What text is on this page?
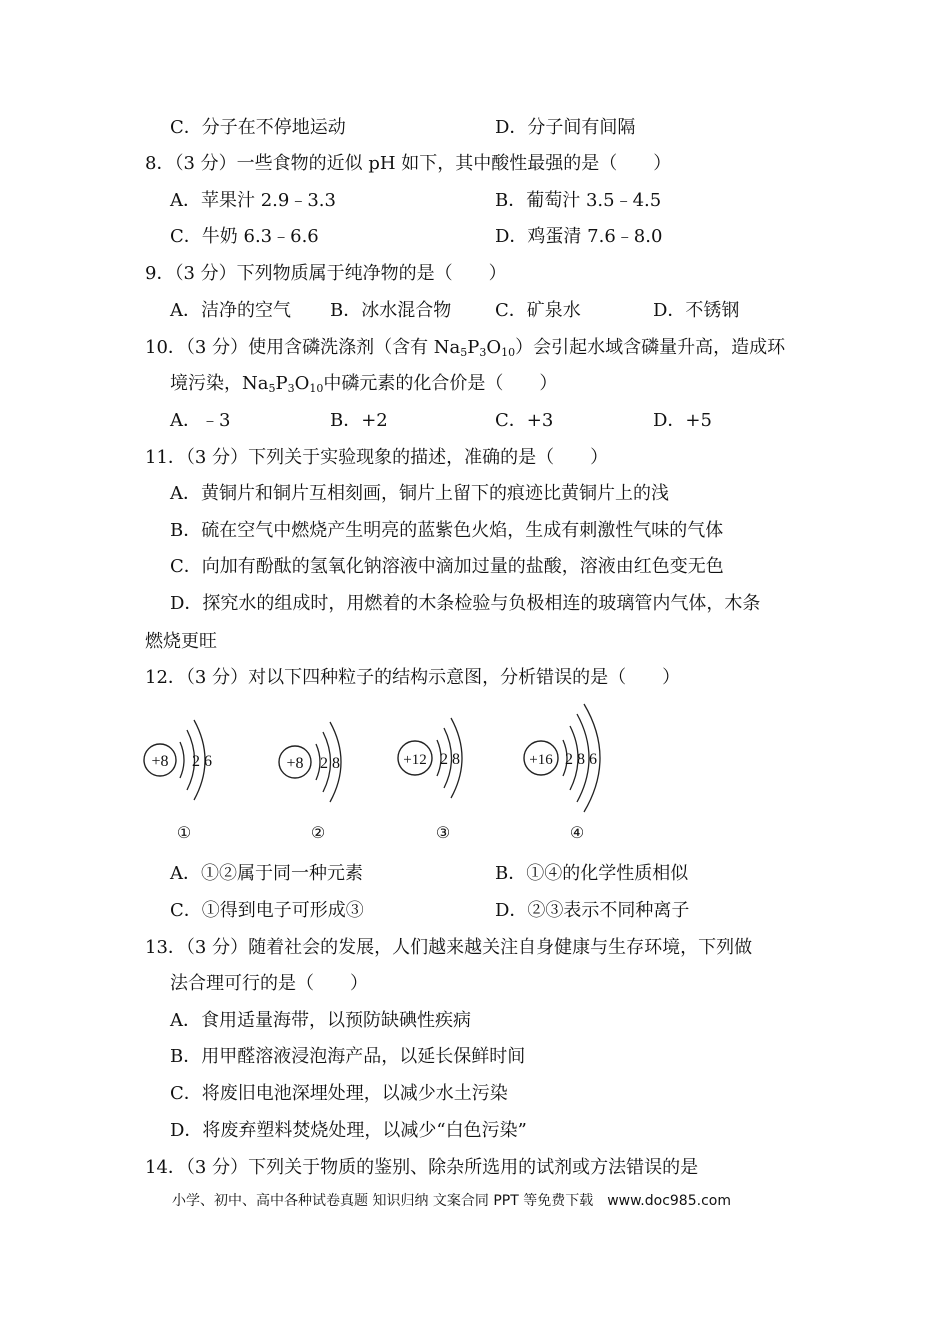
C．分子在不停地运动	D．分子间有间隔
8．（3 分）一些食物的近似 pH 如下，其中酸性最强的是（　　）
A．苹果汁 2.9﹣3.3	B．葡萄汁 3.5﹣4.5
C．牛奶 6.3﹣6.6	D．鸡蛋清 7.6﹣8.0
9．（3 分）下列物质属于纯净物的是（　　）
A．洁净的空气 B．冰水混合物 C．矿泉水	D．不锈钢
10．（3 分）使用含磷洗涤剂（含有 $Na_5P_3O_{10}$）会引起水域含磷量升高，造成环
境污染，$Na_5P_3O_{10}$中磷元素的化合价是（　　）
A．﹣3	B．+2	C．+3	D．+5
11．（3 分）下列关于实验现象的描述，准确的是（　　）
A．黄铜片和铜片互相刻画，铜片上留下的痕迹比黄铜片上的浅
B．硫在空气中燃烧产生明亮的蓝紫色火焰，生成有刺激性气味的气体
C．向加有酚酞的氢氧化钠溶液中滴加过量的盐酸，溶液由红色变无色
D．探究水的组成时，用燃着的木条检验与负极相连的玻璃管内气体，木条
燃烧更旺
12．（3 分）对以下四种粒子的结构示意图，分析错误的是（　　）
+8 2 6
①
+8 2 8
②
+12 2 8
③
+16 2 8 6
④
A．①②属于同一种元素	B．①④的化学性质相似
C．①得到电子可形成③	D．②③表示不同种离子
13．（3 分）随着社会的发展，人们越来越关注自身健康与生存环境，下列做
法合理可行的是（　　）
A．食用适量海带，以预防缺碘性疾病
B．用甲醛溶液浸泡海产品，以延长保鲜时间
C．将废旧电池深埋处理，以减少水土污染
D．将废弃塑料焚烧处理，以减少“白色污染”
14．（3 分）下列关于物质的鉴别、除杂所选用的试剂或方法错误的是
小学、初中、高中各种试卷真题 知识归纳 文案合同 PPT 等免费下载　www.doc985.com
